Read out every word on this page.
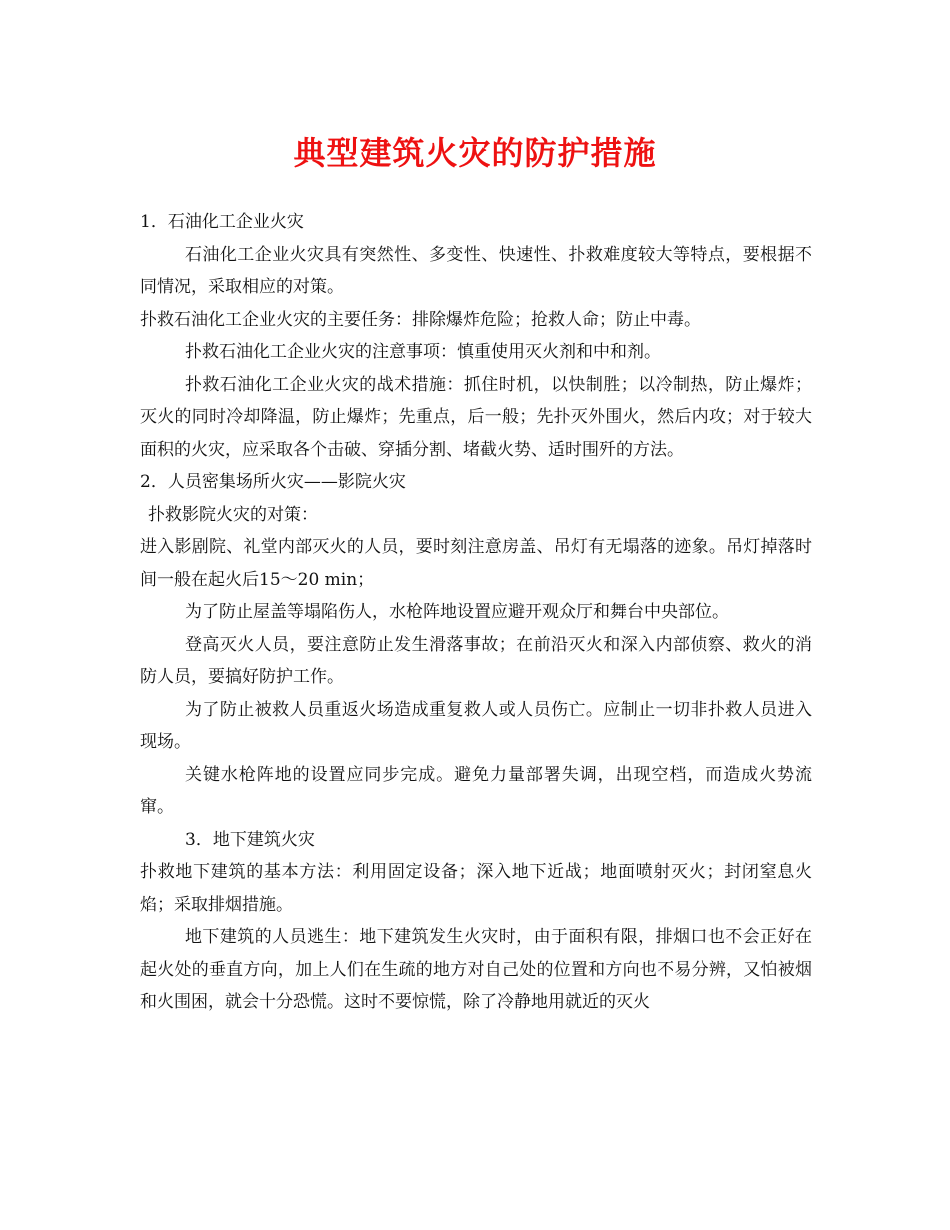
典型建筑火灾的防护措施

1．石油化工企业火灾

石油化工企业火灾具有突然性、多变性、快速性、扑救难度较大等特点，要根据不同情况，采取相应的对策。

扑救石油化工企业火灾的主要任务：排除爆炸危险；抢救人命；防止中毒。

扑救石油化工企业火灾的注意事项：慎重使用灭火剂和中和剂。

扑救石油化工企业火灾的战术措施：抓住时机，以快制胜；以冷制热，防止爆炸；灭火的同时冷却降温，防止爆炸；先重点，后一般；先扑灭外围火，然后内攻；对于较大面积的火灾，应采取各个击破、穿插分割、堵截火势、适时围歼的方法。

2．人员密集场所火灾——影院火灾

扑救影院火灾的对策：

进入影剧院、礼堂内部灭火的人员，要时刻注意房盖、吊灯有无塌落的迹象。吊灯掉落时间一般在起火后15～20 min；

为了防止屋盖等塌陷伤人，水枪阵地设置应避开观众厅和舞台中央部位。

登高灭火人员，要注意防止发生滑落事故；在前沿灭火和深入内部侦察、救火的消防人员，要搞好防护工作。

为了防止被救人员重返火场造成重复救人或人员伤亡。应制止一切非扑救人员进入现场。

关键水枪阵地的设置应同步完成。避免力量部署失调，出现空档，而造成火势流窜。

3．地下建筑火灾

扑救地下建筑的基本方法：利用固定设备；深入地下近战；地面喷射灭火；封闭窒息火焰；采取排烟措施。

地下建筑的人员逃生：地下建筑发生火灾时，由于面积有限，排烟口也不会正好在起火处的垂直方向，加上人们在生疏的地方对自己处的位置和方向也不易分辨，又怕被烟和火围困，就会十分恐慌。这时不要惊慌，除了冷静地用就近的灭火
